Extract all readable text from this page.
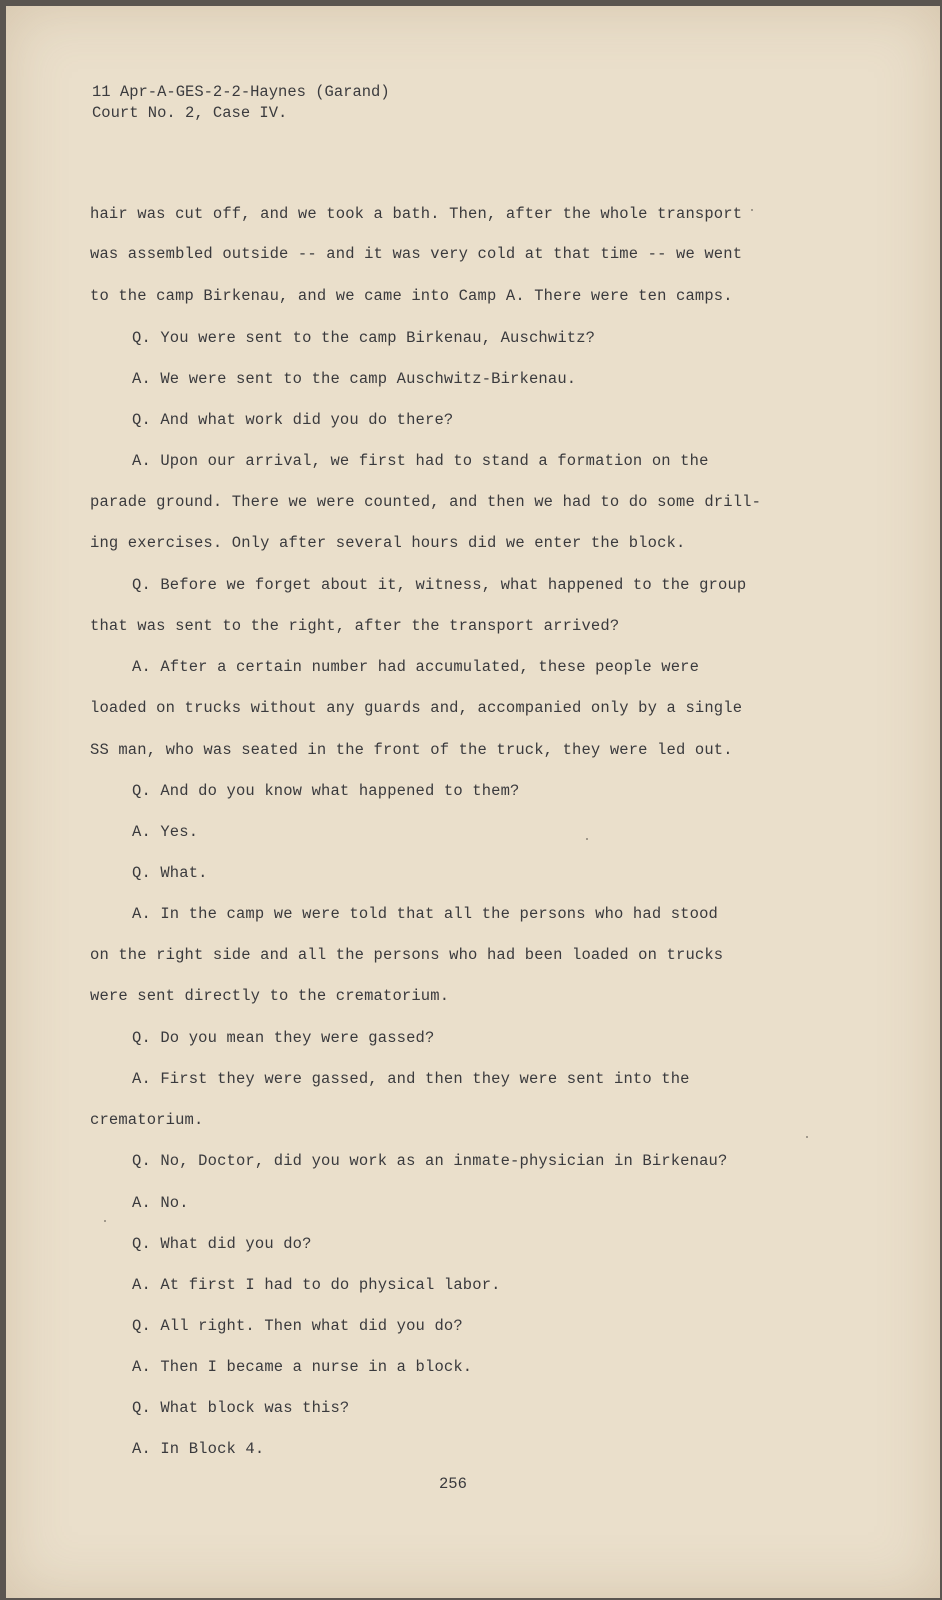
11 Apr-A-GES-2-2-Haynes (Garand)
Court No. 2, Case IV.
hair was cut off, and we took a bath. Then, after the whole transport
was assembled outside -- and it was very cold at that time -- we went
to the camp Birkenau, and we came into Camp A. There were ten camps.
Q. You were sent to the camp Birkenau, Auschwitz?
A. We were sent to the camp Auschwitz-Birkenau.
Q. And what work did you do there?
A. Upon our arrival, we first had to stand a formation on the
parade ground. There we were counted, and then we had to do some drill-
ing exercises. Only after several hours did we enter the block.
Q. Before we forget about it, witness, what happened to the group
that was sent to the right, after the transport arrived?
A. After a certain number had accumulated, these people were
loaded on trucks without any guards and, accompanied only by a single
SS man, who was seated in the front of the truck, they were led out.
Q. And do you know what happened to them?
A. Yes.
Q. What.
A. In the camp we were told that all the persons who had stood
on the right side and all the persons who had been loaded on trucks
were sent directly to the crematorium.
Q. Do you mean they were gassed?
A. First they were gassed, and then they were sent into the
crematorium.
Q. No, Doctor, did you work as an inmate-physician in Birkenau?
A. No.
Q. What did you do?
A. At first I had to do physical labor.
Q. All right. Then what did you do?
A. Then I became a nurse in a block.
Q. What block was this?
A. In Block 4.
256
